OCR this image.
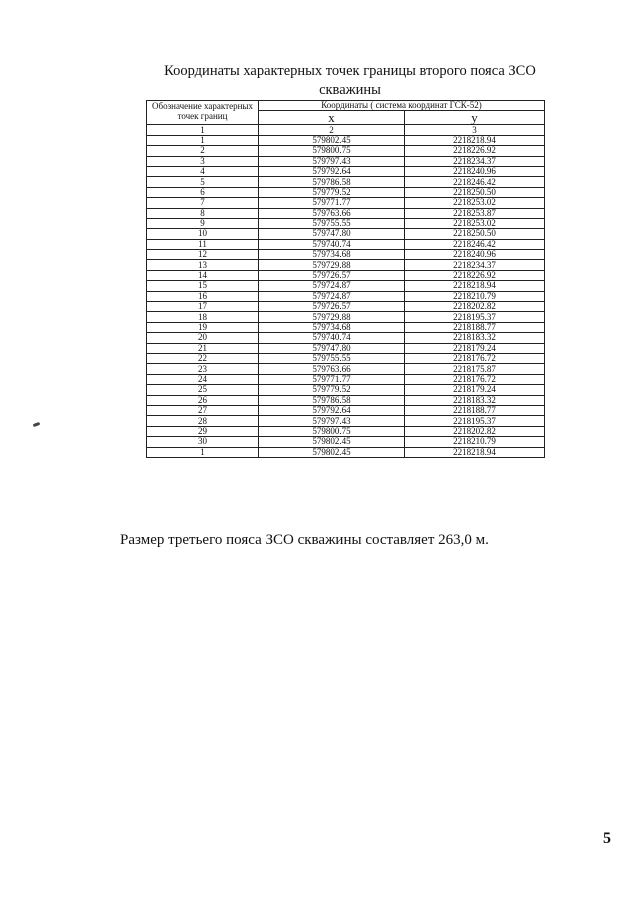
Координаты характерных точек границы второго пояса ЗСО скважины
Обозначение характерных точек границ	Координаты ( система координат ГСК-52)	
	x	y
1	2	3
1	579802.45	2218218.94
2	579800.75	2218226.92
3	579797.43	2218234.37
4	579792.64	2218240.96
5	579786.58	2218246.42
6	579779.52	2218250.50
7	579771.77	2218253.02
8	579763.66	2218253.87
9	579755.55	2218253.02
10	579747.80	2218250.50
11	579740.74	2218246.42
12	579734.68	2218240.96
13	579729.88	2218234.37
14	579726.57	2218226.92
15	579724.87	2218218.94
16	579724.87	2218210.79
17	579726.57	2218202.82
18	579729.88	2218195.37
19	579734.68	2218188.77
20	579740.74	2218183.32
21	579747.80	2218179.24
22	579755.55	2218176.72
23	579763.66	2218175.87
24	579771.77	2218176.72
25	579779.52	2218179.24
26	579786.58	2218183.32
27	579792.64	2218188.77
28	579797.43	2218195.37
29	579800.75	2218202.82
30	579802.45	2218210.79
1	579802.45	2218218.94
Размер третьего пояса ЗСО скважины составляет 263,0 м.
5
